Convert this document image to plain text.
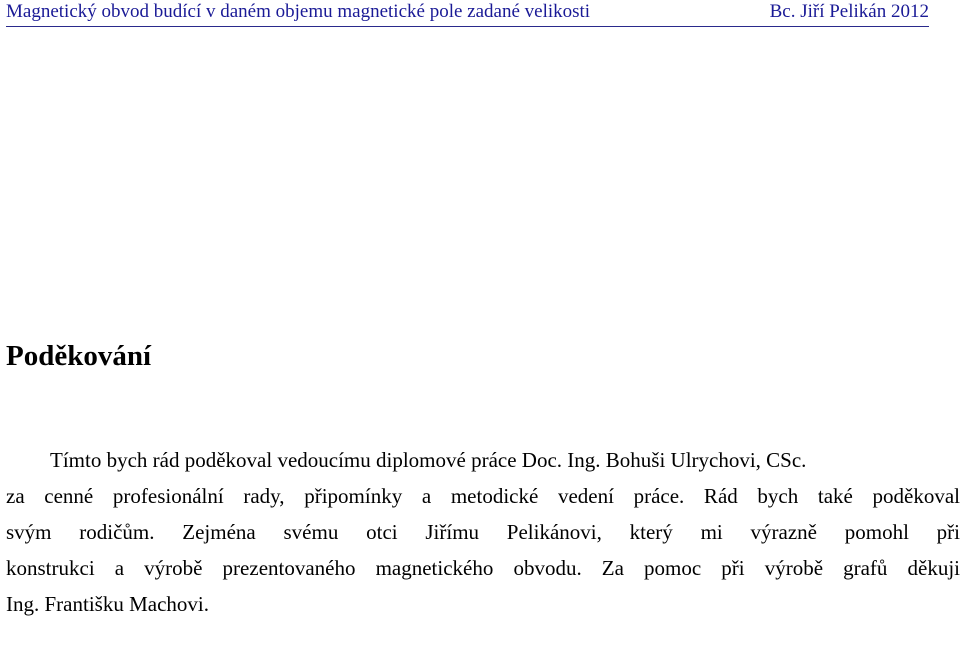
Magnetický obvod budící v daném objemu magnetické pole zadané velikosti	Bc. Jiří Pelikán 2012
Poděkování
Tímto bych rád poděkoval vedoucímu diplomové práce Doc. Ing. Bohuši Ulrychovi, CSc.
za cenné profesionální rady, připomínky a metodické vedení práce. Rád bych také poděkoval
svým rodičům. Zejména svému otci Jiřímu Pelikánovi, který mi výrazně pomohl při
konstrukci a výrobě prezentovaného magnetického obvodu. Za pomoc při výrobě grafů děkuji
Ing. Františku Machovi.
